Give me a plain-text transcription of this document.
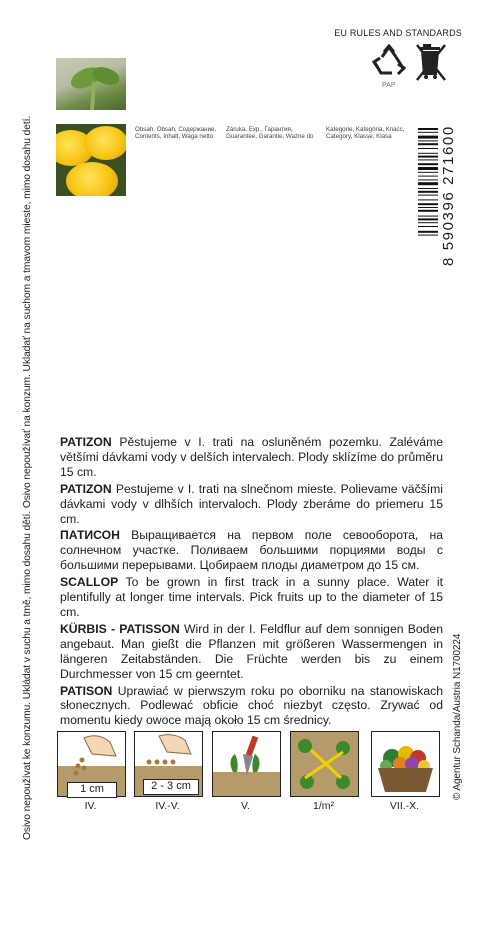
Osivo nepoužívat ke konzumu. Ukládat v suchu a tmě, mimo dosahu dětí. Osivo nepoužívať na konzum. Ukladať na suchom a tmavom mieste, mimo dosahu detí.	© Agentur Schanda/Austria N1700224
EU RULES AND STANDARDS
PAP
Obsah, Obsah, Содержание,
Contents, Inhalt, Waga netto
Záruka, Exp., Гарантия,
Guarantee, Garantie, Ważne do
Kategorie, Kategória, Класс,
Category, Klasse, Klasa	8 590396 271600
PATIZON Pěstujeme v I. trati na osluněném pozemku. Zaléváme většími dávkami vody v delších intervalech. Plody sklízíme do průměru 15 cm.
PATIZON Pestujeme v I. trati na slnečnom mieste. Polievame väčšími dávkami vody v dlhších intervaloch. Plody zberáme do priemeru 15 cm.
ПАТИСОН Выращивается на первом поле севооборота, на солнечном участке. Поливаем большими порциями воды с большими перерывами. Цобираем плоды диаметром до 15 см.
SCALLOP To be grown in first track in a sunny place. Water it plentifully at longer time intervals. Pick fruits up to the diameter of 15 cm.
KÜRBIS - PATISSON Wird in der I. Feldflur auf dem sonnigen Boden angebaut. Man gießt die Pflanzen mit größeren Wassermengen in längeren Zeitabständen. Die Früchte werden bis zu einem Durchmesser von 15 cm geerntet.
PATISON Uprawiać w pierwszym roku po oborniku na stanowiskach słonecznych. Podlewać obficie choć niezbyt często. Zrywać od momentu kiedy owoce mają około 15 cm średnicy.
1 cm	2 - 3 cm
IV.	IV.-V.	V.	1/m²	VII.-X.
